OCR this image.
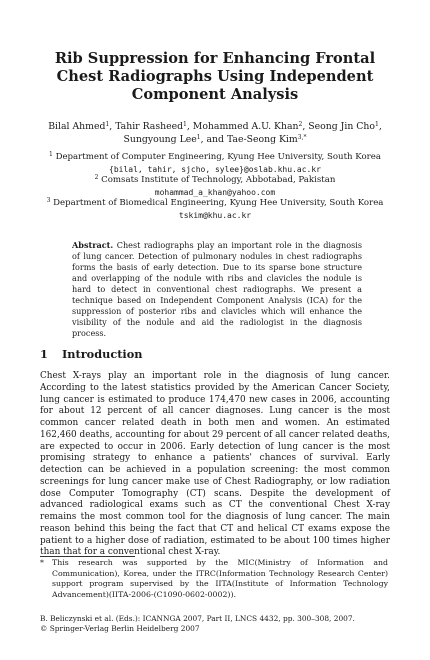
Rib Suppression for Enhancing Frontal Chest Radiographs Using Independent Component Analysis
Bilal Ahmed$^1$, Tahir Rasheed$^1$, Mohammed A.U. Khan$^2$, Seong Jin Cho$^1$,
Sungyoung Lee$^1$, and Tae-Seong Kim$^{3,*}$
$^1$ Department of Computer Engineering, Kyung Hee University, South Korea
{bilal, tahir, sjcho, sylee}@oslab.khu.ac.kr
$^2$ Comsats Institute of Technology, Abbotabad, Pakistan
mohammad_a_khan@yahoo.com
$^3$ Department of Biomedical Engineering, Kyung Hee University, South Korea
tskim@khu.ac.kr
Abstract. Chest radiographs play an important role in the diagnosis of lung cancer. Detection of pulmonary nodules in chest radiographs forms the basis of early detection. Due to its sparse bone structure and overlapping of the nodule with ribs and clavicles the nodule is hard to detect in conventional chest radiographs. We present a technique based on Independent Component Analysis (ICA) for the suppression of posterior ribs and clavicles which will enhance the visibility of the nodule and aid the radiologist in the diagnosis process.
1 Introduction
Chest X-rays play an important role in the diagnosis of lung cancer. According to the latest statistics provided by the American Cancer Society, lung cancer is estimated to produce 174,470 new cases in 2006, accounting for about 12 percent of all cancer diagnoses. Lung cancer is the most common cancer related death in both men and women. An estimated 162,460 deaths, accounting for about 29 percent of all cancer related deaths, are expected to occur in 2006. Early detection of lung cancer is the most promising strategy to enhance a patients' chances of survival. Early detection can be achieved in a population screening: the most common screenings for lung cancer make use of Chest Radiography, or low radiation dose Computer Tomography (CT) scans. Despite the development of advanced radiological exams such as CT the conventional Chest X-ray remains the most common tool for the diagnosis of lung cancer. The main reason behind this being the fact that CT and helical CT exams expose the patient to a higher dose of radiation, estimated to be about 100 times higher than that for a conventional chest X-ray.
* This research was supported by the MIC(Ministry of Information and Communication), Korea, under the ITRC(Information Technology Research Center) support program supervised by the IITA(Institute of Information Technology Advancement)(IITA-2006-(C1090-0602-0002)).
B. Beliczynski et al. (Eds.): ICANNGA 2007, Part II, LNCS 4432, pp. 300–308, 2007.
© Springer-Verlag Berlin Heidelberg 2007
